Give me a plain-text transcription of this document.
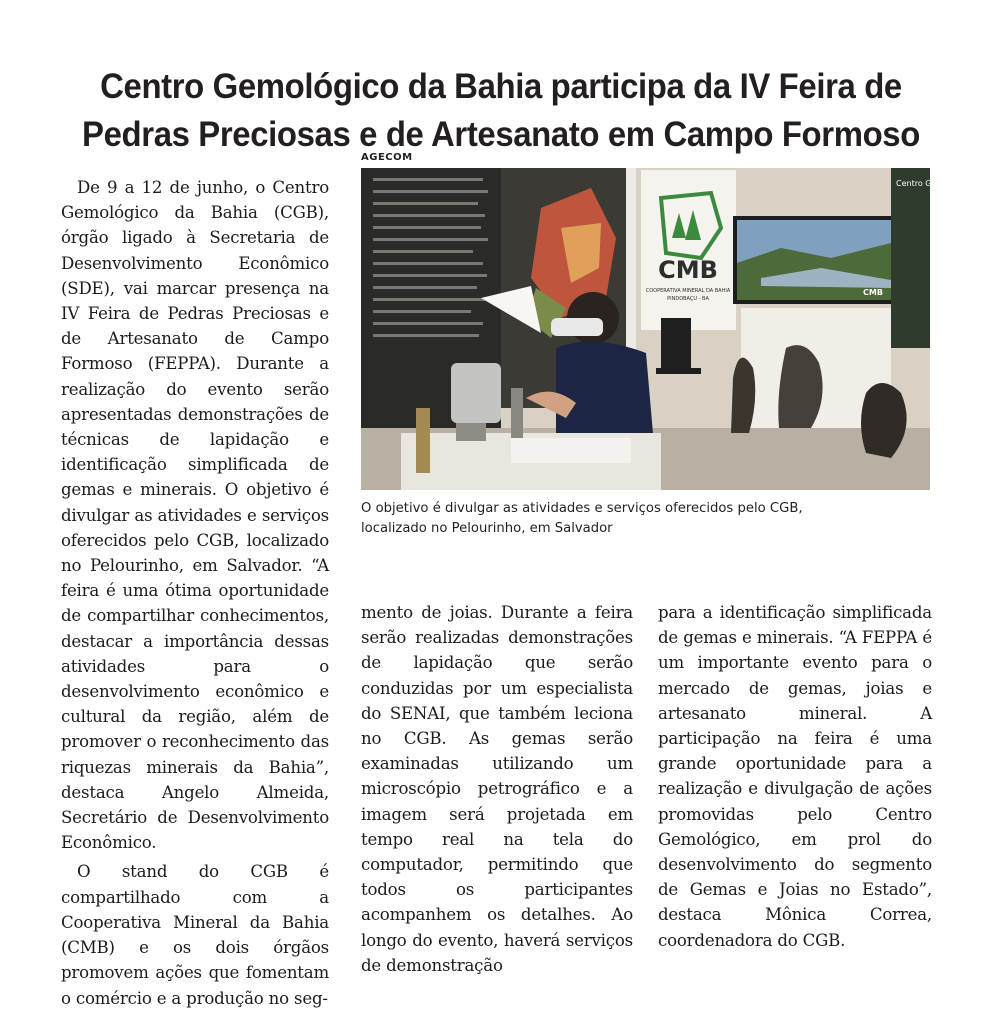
Centro Gemológico da Bahia participa da IV Feira de
Pedras Preciosas e de Artesanato em Campo Formoso

De 9 a 12 de junho, o Centro Gemológico da Bahia (CGB), órgão ligado à Secretaria de Desenvolvimento Econômico (SDE), vai marcar presença na IV Feira de Pedras Preciosas e de Artesanato de Campo Formoso (FEPPA). Durante a realização do evento serão apresentadas demonstrações de técnicas de lapidação e identificação simplificada de gemas e minerais. O objetivo é divulgar as atividades e serviços oferecidos pelo CGB, localizado no Pelourinho, em Salvador. “A feira é uma ótima oportunidade de compartilhar conhecimentos, destacar a importância dessas atividades para o desenvolvimento econômico e cultural da região, além de promover o reconhecimento das riquezas minerais da Bahia”, destaca Angelo Almeida, Secretário de Desenvolvimento Econômico.

O stand do CGB é compartilhado com a Cooperativa Mineral da Bahia (CMB) e os dois órgãos promovem ações que fomentam o comércio e a produção no seg-

AGECOM
CMB
COOPERATIVA MINERAL DA BAHIA
PINDOBAÇU - BA
CMB
Centro Gemológico
O objetivo é divulgar as atividades e serviços oferecidos pelo CGB,
localizado no Pelourinho, em Salvador

mento de joias. Durante a feira serão realizadas demonstrações de lapidação que serão conduzidas por um especialista do SENAI, que também leciona no CGB. As gemas serão examinadas utilizando um microscópio petrográfico e a imagem será projetada em tempo real na tela do computador, permitindo que todos os participantes acompanhem os detalhes. Ao longo do evento, haverá serviços de demonstração

para a identificação simplificada de gemas e minerais. “A FEPPA é um importante evento para o mercado de gemas, joias e artesanato mineral. A participação na feira é uma grande oportunidade para a realização e divulgação de ações promovidas pelo Centro Gemológico, em prol do desenvolvimento do segmento de Gemas e Joias no Estado”, destaca Mônica Correa, coordenadora do CGB.
